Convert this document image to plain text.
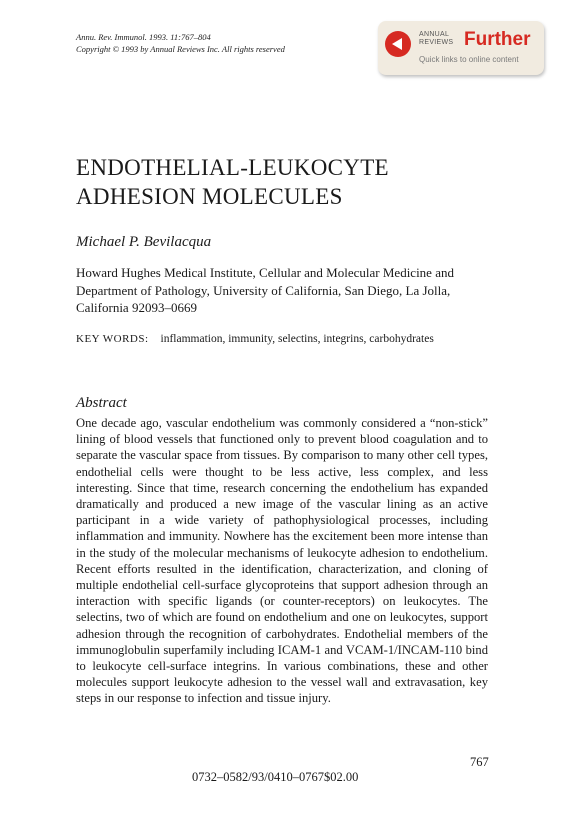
Annu. Rev. Immunol. 1993. 11:767–804
Copyright © 1993 by Annual Reviews Inc. All rights reserved
ANNUAL
REVIEWS Further
Quick links to online content
ENDOTHELIAL-LEUKOCYTE
ADHESION MOLECULES
Michael P. Bevilacqua
Howard Hughes Medical Institute, Cellular and Molecular Medicine and Department of Pathology, University of California, San Diego, La Jolla, California 92093–0669
KEY WORDS: inflammation, immunity, selectins, integrins, carbohydrates
Abstract
One decade ago, vascular endothelium was commonly considered a “non-stick” lining of blood vessels that functioned only to prevent blood coagulation and to separate the vascular space from tissues. By comparison to many other cell types, endothelial cells were thought to be less active, less complex, and less interesting. Since that time, research concerning the endothelium has expanded dramatically and produced a new image of the vascular lining as an active participant in a wide variety of pathophysiological processes, including inflammation and immunity. Nowhere has the excitement been more intense than in the study of the molecular mechanisms of leukocyte adhesion to endothelium. Recent efforts resulted in the identification, characterization, and cloning of multiple endothelial cell-surface glycoproteins that support adhesion through an interaction with specific ligands (or counter-receptors) on leukocytes. The selectins, two of which are found on endothelium and one on leukocytes, support adhesion through the recognition of carbohydrates. Endothelial members of the immunoglobulin superfamily including ICAM-1 and VCAM-1/INCAM-110 bind to leukocyte cell-surface integrins. In various combinations, these and other molecules support leukocyte adhesion to the vessel wall and extravasation, key steps in our response to infection and tissue injury.
767
0732–0582/93/0410–0767$02.00
